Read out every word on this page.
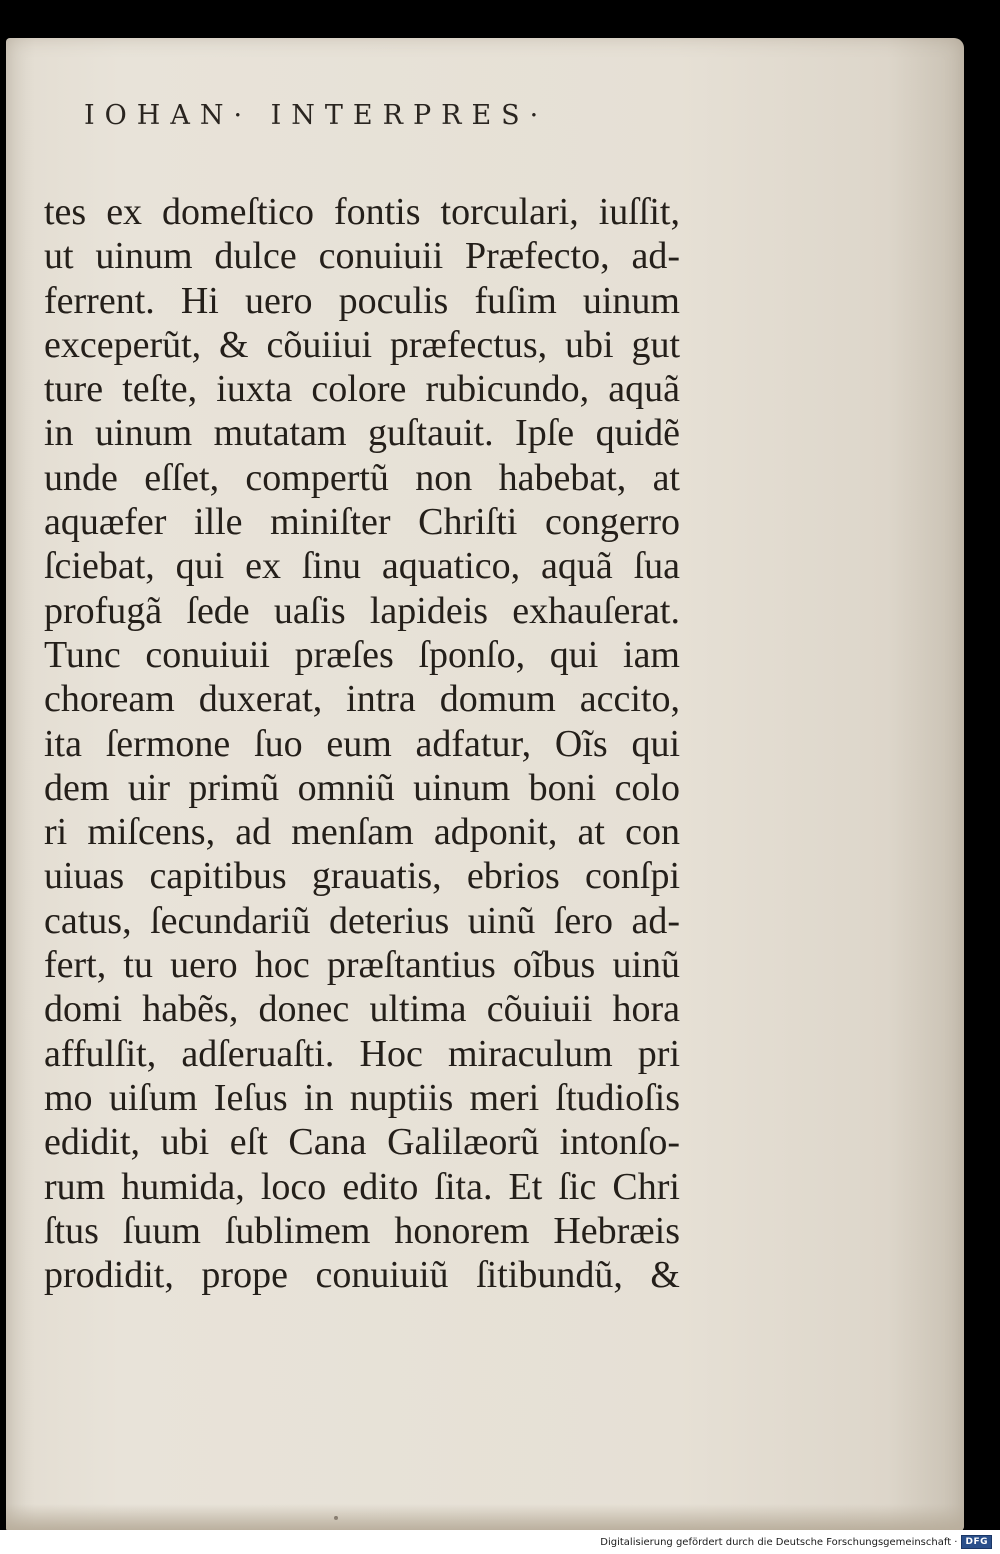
IOHAN· INTERPRES·
tes ex domeſtico fontis torculari, iuſſit,
ut uinum dulce conuiuii Præfecto, ad-
ferrent. Hi uero poculis fuſim uinum
exceperũt, & cõuiiui præfectus, ubi gut
ture teſte, iuxta colore rubicundo, aquã
in uinum mutatam guſtauit. Ipſe quidẽ
unde eſſet, compertũ non habebat, at
aquæfer ille miniſter Chriſti congerro
ſciebat, qui ex ſinu aquatico, aquã ſua
profugã ſede uaſis lapideis exhauſerat.
Tunc conuiuii præſes ſponſo, qui iam
choream duxerat, intra domum accito,
ita ſermone ſuo eum adfatur, Oĩs qui
dem uir primũ omniũ uinum boni colo
ri miſcens, ad menſam adponit, at con
uiuas capitibus grauatis, ebrios conſpi
catus, ſecundariũ deterius uinũ ſero ad-
fert, tu uero hoc præſtantius oĩbus uinũ
domi habẽs, donec ultima cõuiuii hora
affulſit, adſeruaſti. Hoc miraculum pri
mo uiſum Ieſus in nuptiis meri ſtudioſis
edidit, ubi eſt Cana Galilæorũ intonſo-
rum humida, loco edito ſita. Et ſic Chri
ſtus ſuum ſublimem honorem Hebræis
prodidit, prope conuiuiũ ſitibundũ, &
Digitalisierung gefördert durch die Deutsche Forschungsgemeinschaft · DFG
